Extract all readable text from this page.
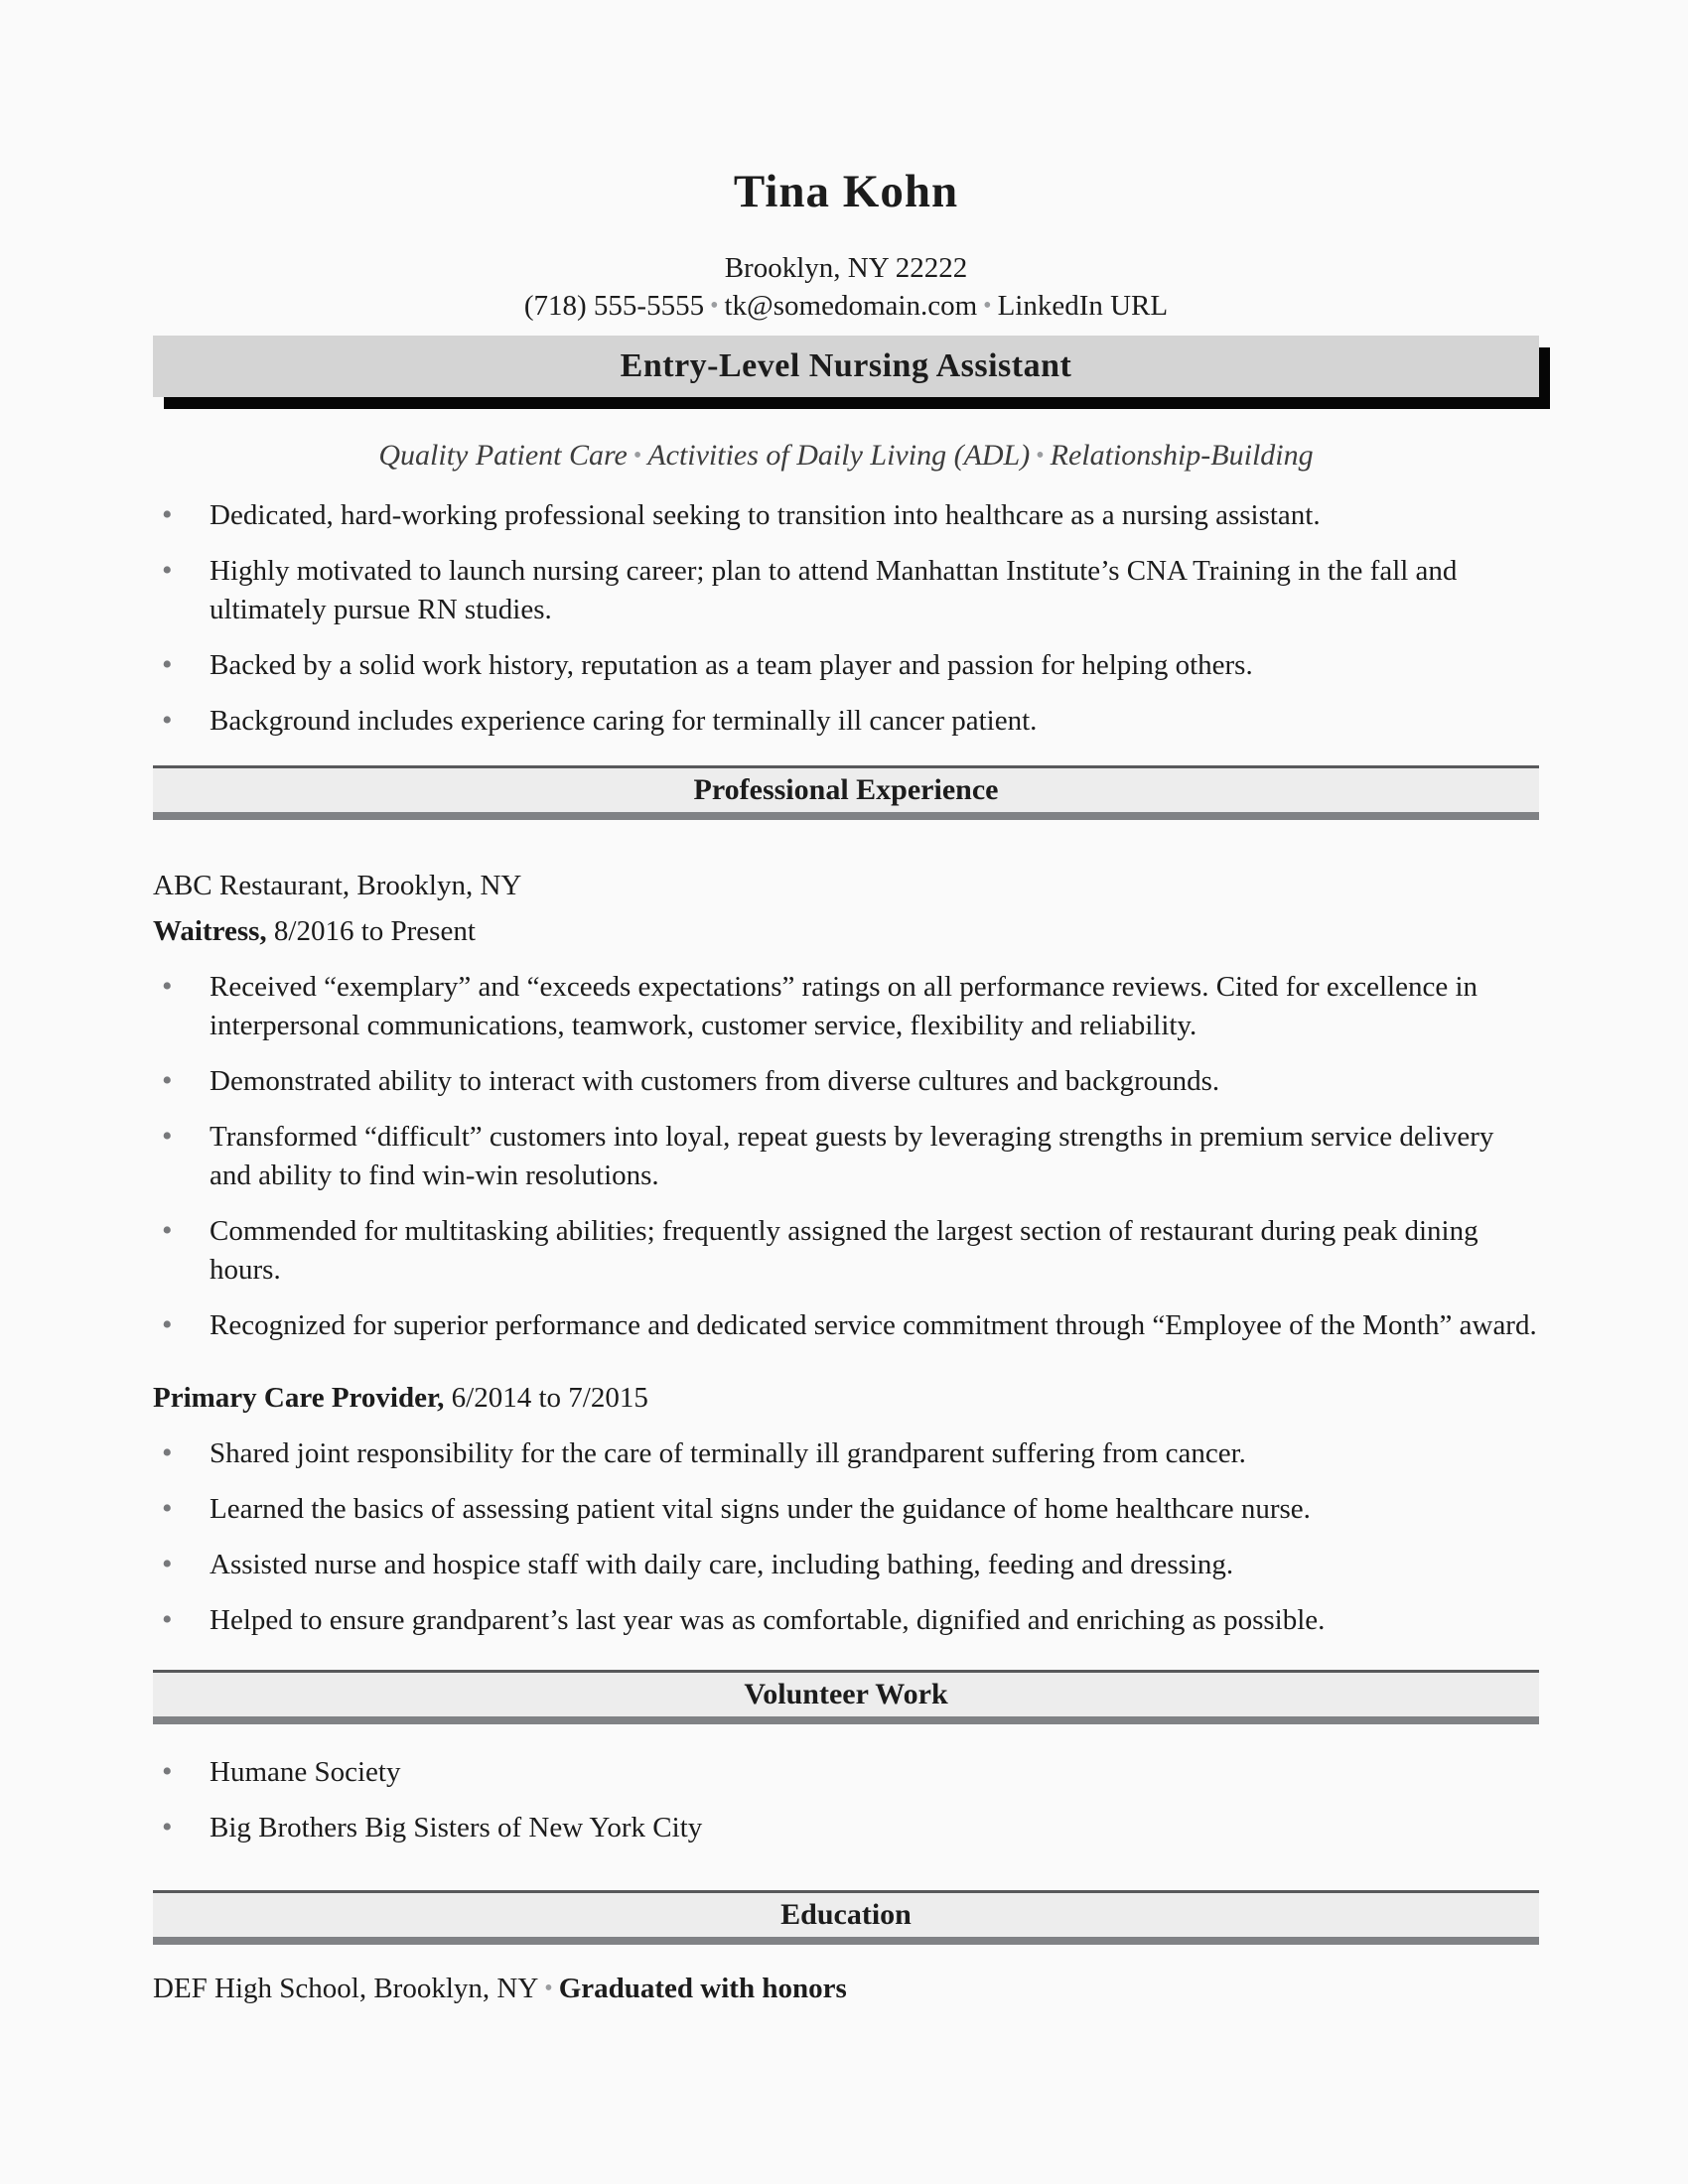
Tina Kohn
Brooklyn, NY 22222
(718) 555-5555 • tk@somedomain.com • LinkedIn URL
Entry-Level Nursing Assistant
Quality Patient Care • Activities of Daily Living (ADL) • Relationship-Building
• Dedicated, hard-working professional seeking to transition into healthcare as a nursing assistant.
• Highly motivated to launch nursing career; plan to attend Manhattan Institute’s CNA Training in the fall and ultimately pursue RN studies.
• Backed by a solid work history, reputation as a team player and passion for helping others.
• Background includes experience caring for terminally ill cancer patient.
Professional Experience
ABC Restaurant, Brooklyn, NY
Waitress, 8/2016 to Present
• Received “exemplary” and “exceeds expectations” ratings on all performance reviews. Cited for excellence in interpersonal communications, teamwork, customer service, flexibility and reliability.
• Demonstrated ability to interact with customers from diverse cultures and backgrounds.
• Transformed “difficult” customers into loyal, repeat guests by leveraging strengths in premium service delivery and ability to find win-win resolutions.
• Commended for multitasking abilities; frequently assigned the largest section of restaurant during peak dining hours.
• Recognized for superior performance and dedicated service commitment through “Employee of the Month” award.
Primary Care Provider, 6/2014 to 7/2015
• Shared joint responsibility for the care of terminally ill grandparent suffering from cancer.
• Learned the basics of assessing patient vital signs under the guidance of home healthcare nurse.
• Assisted nurse and hospice staff with daily care, including bathing, feeding and dressing.
• Helped to ensure grandparent’s last year was as comfortable, dignified and enriching as possible.
Volunteer Work
• Humane Society
• Big Brothers Big Sisters of New York City
Education
DEF High School, Brooklyn, NY • Graduated with honors
